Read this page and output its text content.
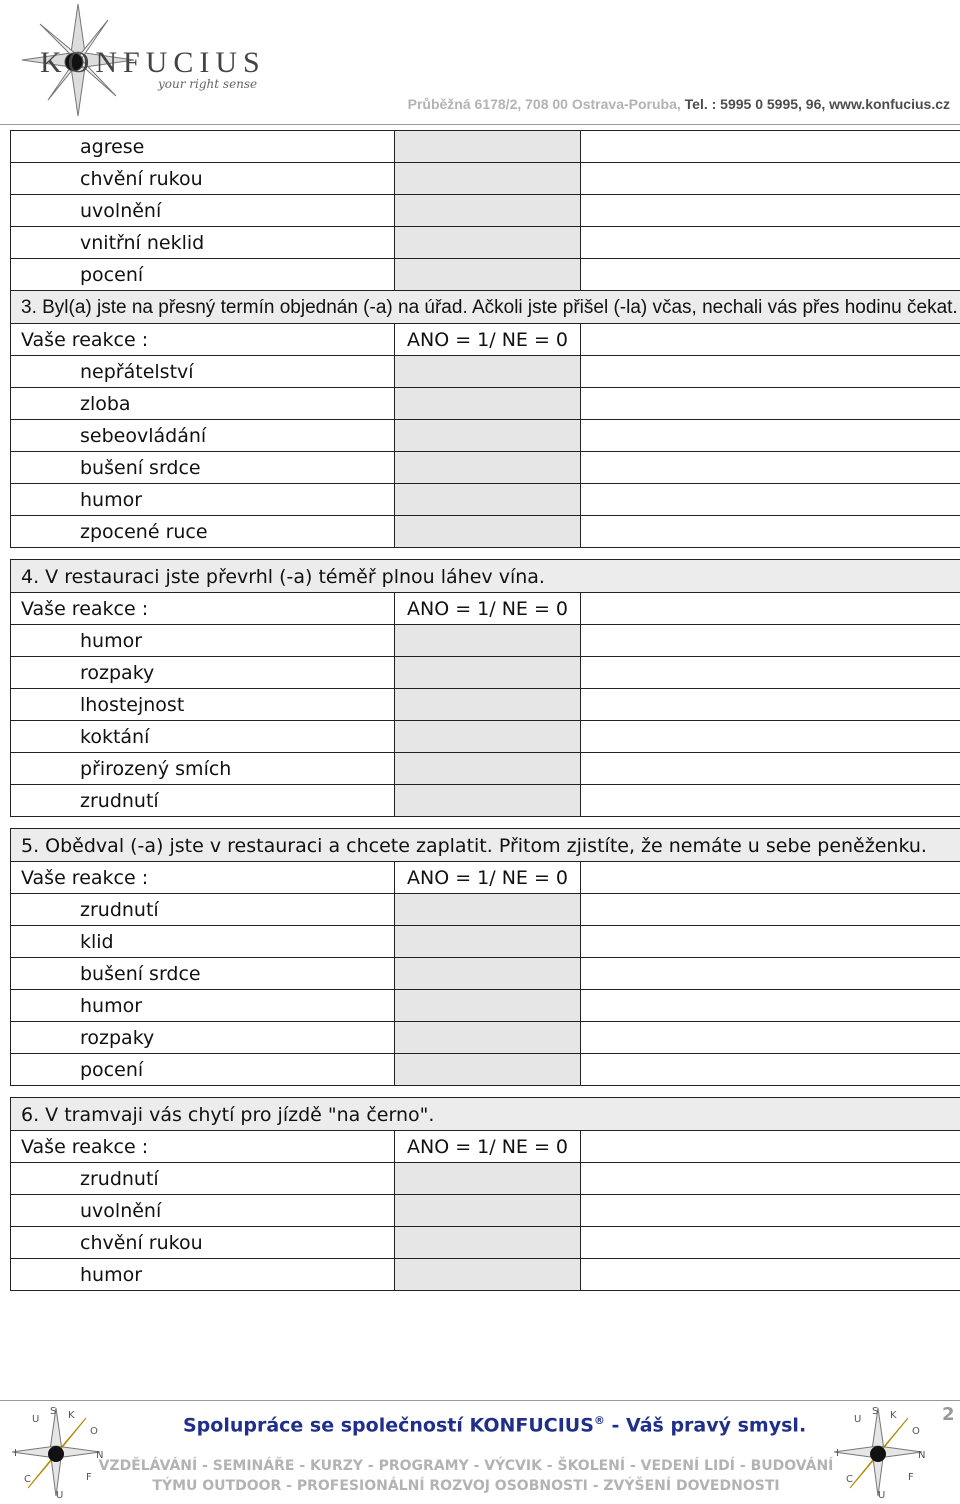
KONFUCIUS
your right sense
Průběžná 6178/2, 708 00 Ostrava-Poruba, Tel. : 5995 0 5995, 96, www.konfucius.cz
agrese		
chvění rukou		
uvolnění		
vnitřní neklid		
pocení		
3. Byl(a) jste na přesný termín objednán (-a) na úřad. Ačkoli jste přišel (-la) včas, nechali vás přes hodinu čekat.		
Vaše reakce :	ANO = 1/ NE = 0	
nepřátelství		
zloba		
sebeovládání		
bušení srdce		
humor		
zpocené ruce		

4. V restauraci jste převrhl (-a) téměř plnou láhev vína.		
Vaše reakce :	ANO = 1/ NE = 0	
humor		
rozpaky		
lhostejnost		
koktání		
přirozený smích		
zrudnutí		

5. Obědval (-a) jste v restauraci a chcete zaplatit. Přitom zjistíte, že nemáte u sebe peněženku.		
Vaše reakce :	ANO = 1/ NE = 0	
zrudnutí		
klid		
bušení srdce		
humor		
rozpaky		
pocení		

6. V tramvaji vás chytí pro jízdě "na černo".		
Vaše reakce :	ANO = 1/ NE = 0	
zrudnutí		
uvolnění		
chvění rukou		
humor		
U
S K
O
N
F
U
C
I
Spolupráce se společností KONFUCIUS® - Váš pravý smysl.
VZDĚLÁVÁNÍ - SEMINÁŘE - KURZY - PROGRAMY - VÝCVIK - ŠKOLENÍ - VEDENÍ LIDÍ - BUDOVÁNÍ
TÝMU OUTDOOR - PROFESIONÁLNÍ ROZVOJ OSOBNOSTI - ZVÝŠENÍ DOVEDNOSTI
U
S K
O
N
F
U
C
I
2
